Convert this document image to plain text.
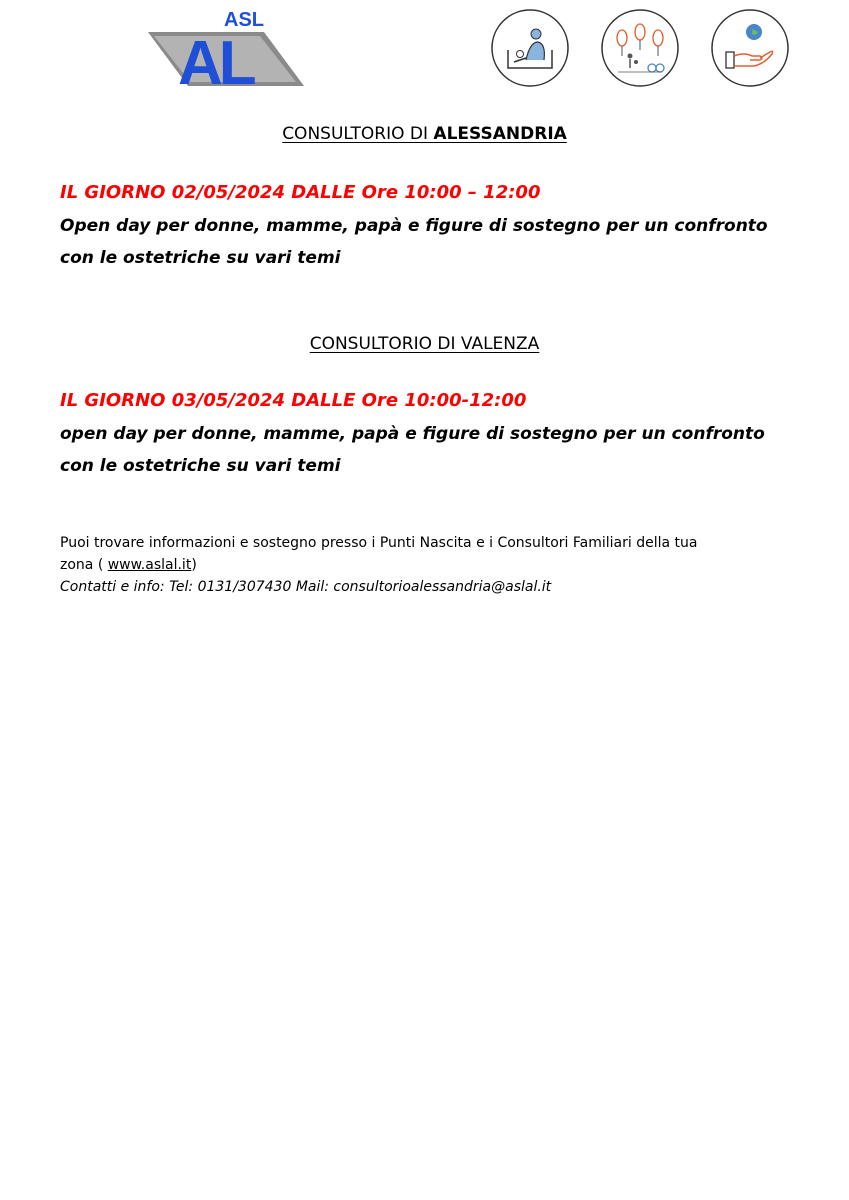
ASL
AL
CONSULTORIO DI ALESSANDRIA
IL GIORNO 02/05/2024 DALLE Ore 10:00 – 12:00
Open day per donne, mamme, papà e figure di sostegno per un confronto
con le ostetriche su vari temi
CONSULTORIO DI VALENZA
IL GIORNO 03/05/2024 DALLE Ore 10:00-12:00
open day per donne, mamme, papà e figure di sostegno per un confronto
con le ostetriche su vari temi
Puoi trovare informazioni e sostegno presso i Punti Nascita e i Consultori Familiari della tua
zona ( www.aslal.it)
Contatti e info: Tel: 0131/307430 Mail: consultorioalessandria@aslal.it
